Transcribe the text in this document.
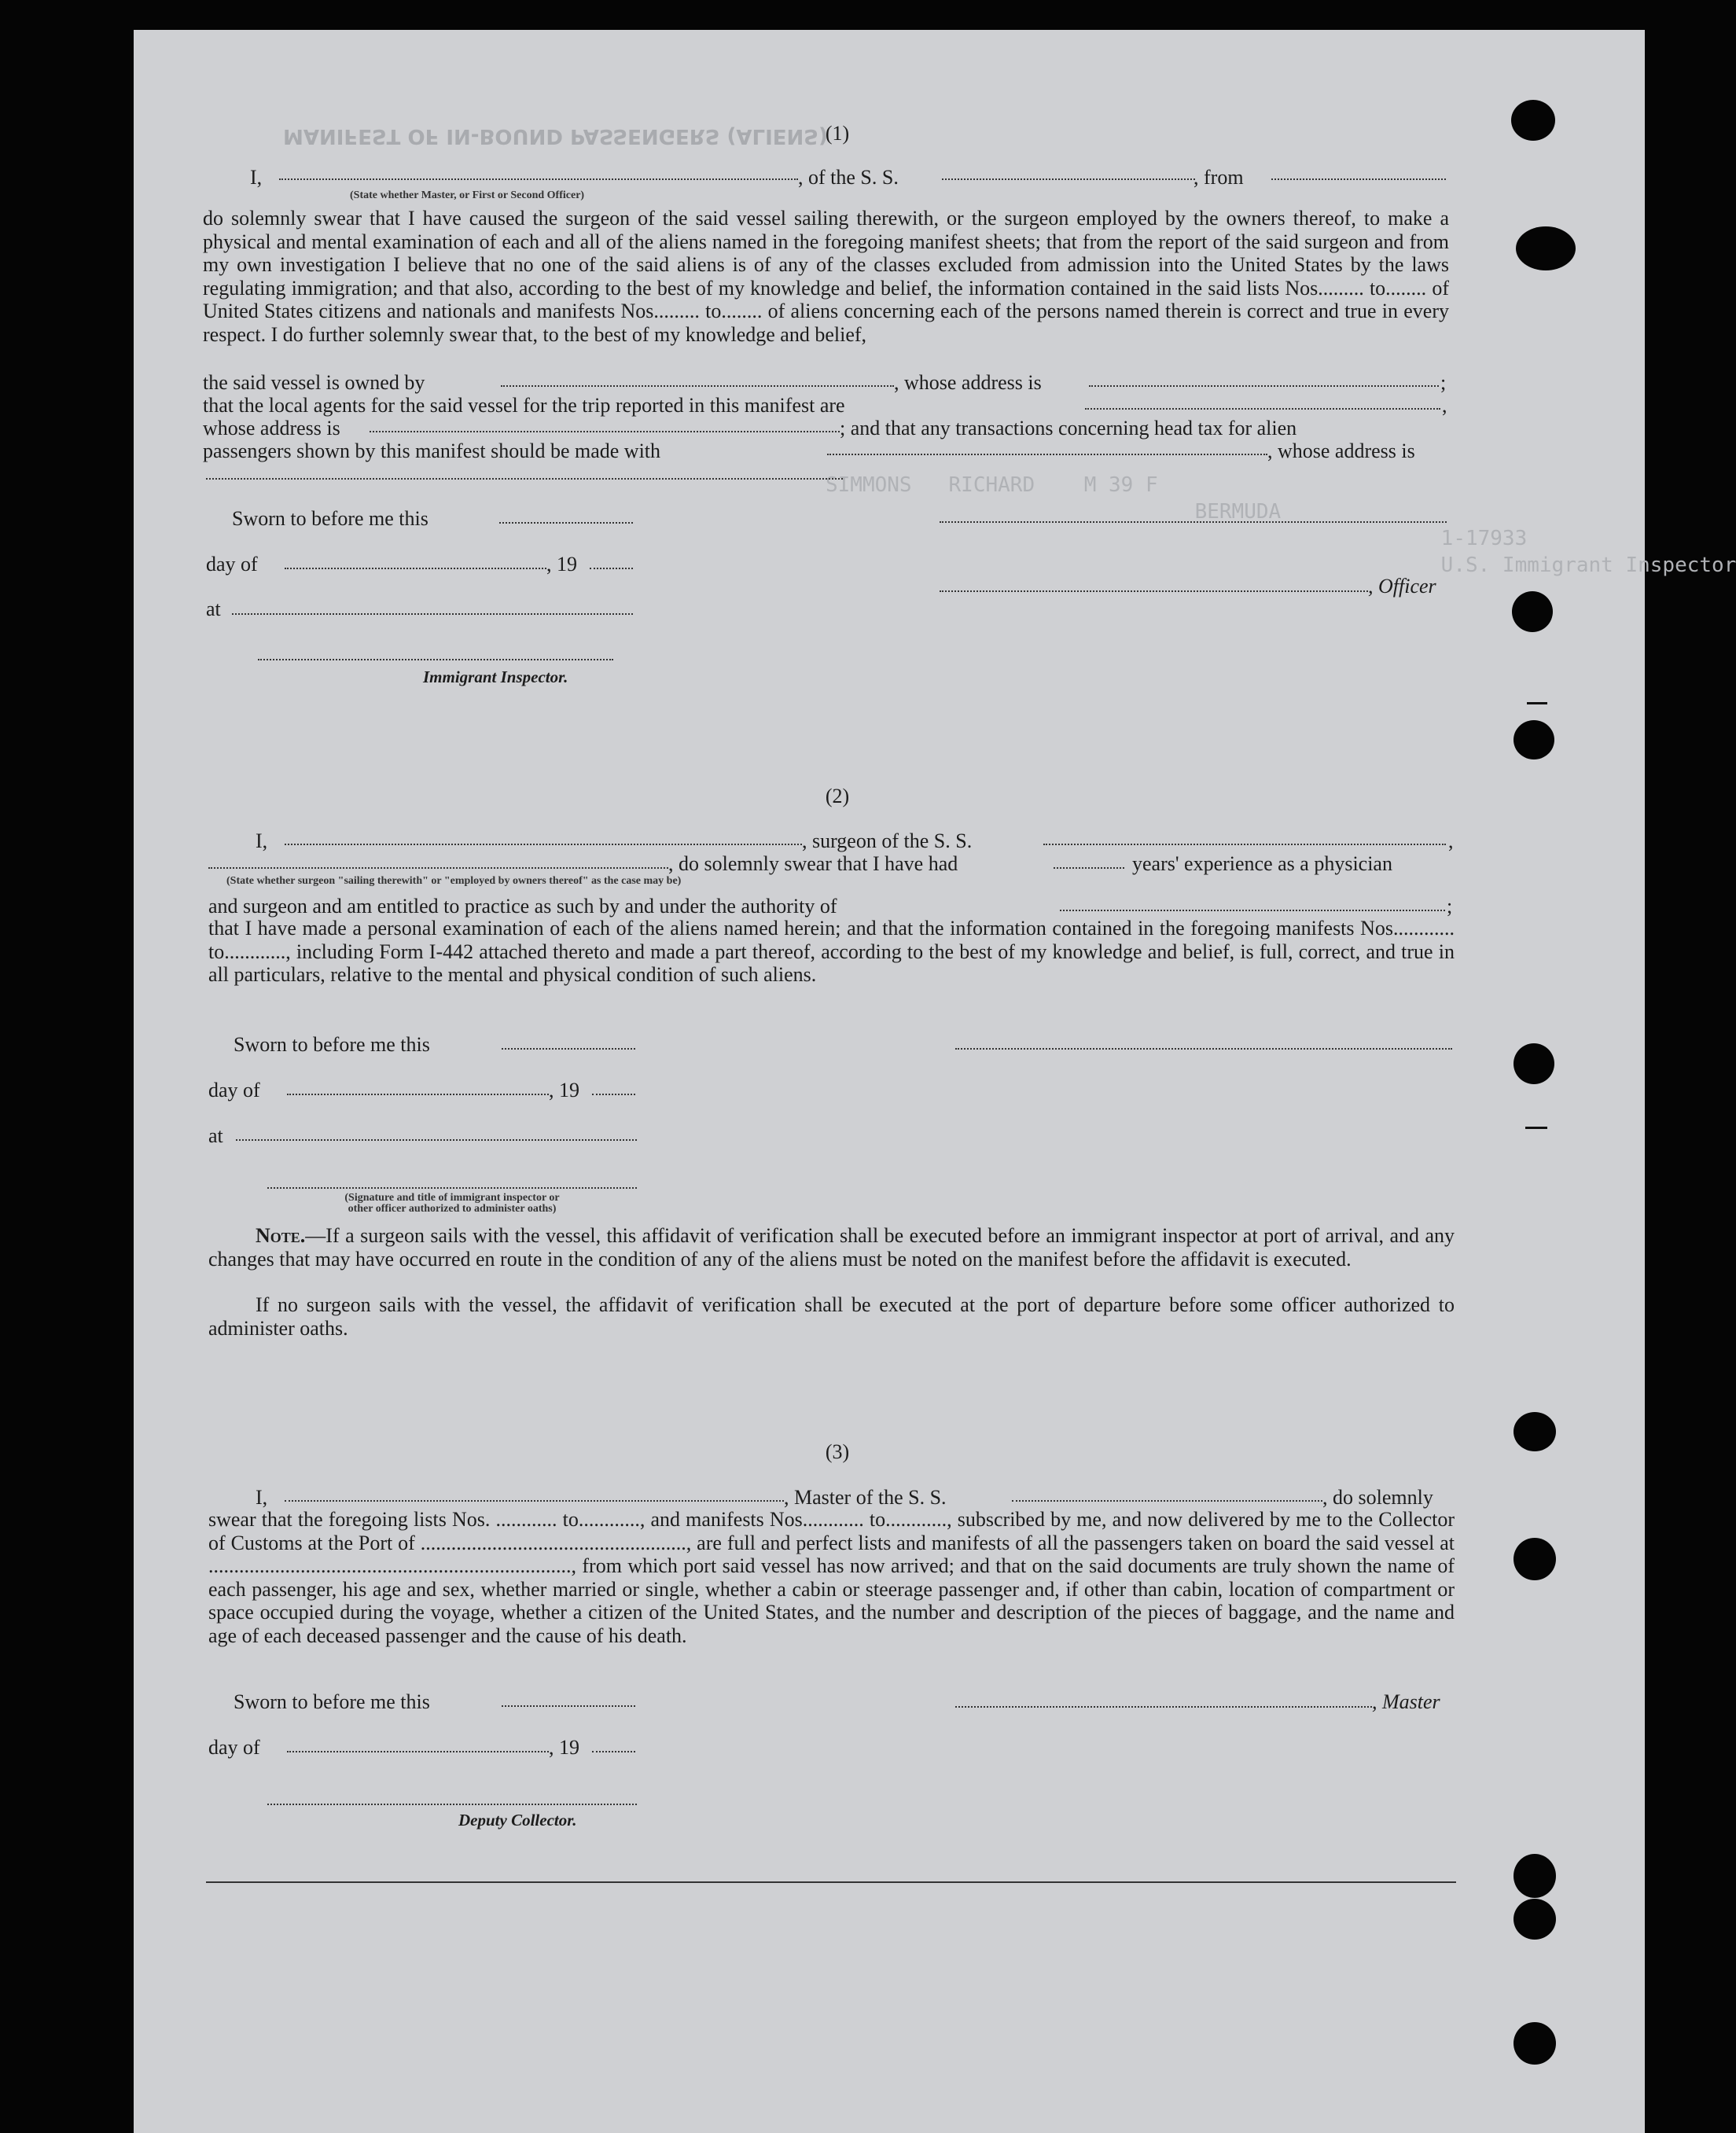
MANIFEST OF IN-BOUND PASSENGERS (ALIENS)
SIMMONS   RICHARD    M 39 F
BERMUDA
1-17933
U.S. Immigrant Inspector
(1)
I,	, of the S. S.	, from
(State whether Master, or First or Second Officer)
do solemnly swear that I have caused the surgeon of the said vessel sailing therewith, or the surgeon employed by the owners thereof, to make a physical and mental examination of each and all of the aliens named in the foregoing manifest sheets; that from the report of the said surgeon and from my own investigation I believe that no one of the said aliens is of any of the classes excluded from admission into the United States by the laws regulating immigration; and that also, according to the best of my knowledge and belief, the information contained in the said lists Nos......... to........ of United States citizens and nationals and manifests Nos......... to........ of aliens concerning each of the persons named therein is correct and true in every respect. I do further solemnly swear that, to the best of my knowledge and belief,
the said vessel is owned by	, whose address is	;
that the local agents for the said vessel for the trip reported in this manifest are	,
whose address is	; and that any transactions concerning head tax for alien
passengers shown by this manifest should be made with	, whose address is
Sworn to before me this
day of	, 19
at
Immigrant Inspector.
, Officer
(2)
I,	, surgeon of the S. S.	,
, do solemnly swear that I have had	years' experience as a physician
(State whether surgeon "sailing therewith" or "employed by owners thereof" as the case may be)
and surgeon and am entitled to practice as such by and under the authority of	;
that I have made a personal examination of each of the aliens named herein; and that the information contained in the foregoing manifests Nos............ to............, including Form I-442 attached thereto and made a part thereof, according to the best of my knowledge and belief, is full, correct, and true in all particulars, relative to the mental and physical condition of such aliens.
Sworn to before me this
day of	, 19
at
(Signature and title of immigrant inspector or
other officer authorized to administer oaths)
Note.—If a surgeon sails with the vessel, this affidavit of verification shall be executed before an immigrant inspector at port of arrival, and any changes that may have occurred en route in the condition of any of the aliens must be noted on the manifest before the affidavit is executed.
If no surgeon sails with the vessel, the affidavit of verification shall be executed at the port of departure before some officer authorized to administer oaths.
(3)
I,	, Master of the S. S.	, do solemnly
swear that the foregoing lists Nos. ............ to............, and manifests Nos............ to............, subscribed by me, and now delivered by me to the Collector of Customs at the Port of ...................................................., are full and perfect lists and manifests of all the passengers taken on board the said vessel at ......................................................................., from which port said vessel has now arrived; and that on the said documents are truly shown the name of each passenger, his age and sex, whether married or single, whether a cabin or steerage passenger and, if other than cabin, location of compartment or space occupied during the voyage, whether a citizen of the United States, and the number and description of the pieces of baggage, and the name and age of each deceased passenger and the cause of his death.
Sworn to before me this
day of	, 19
Deputy Collector.
, Master
